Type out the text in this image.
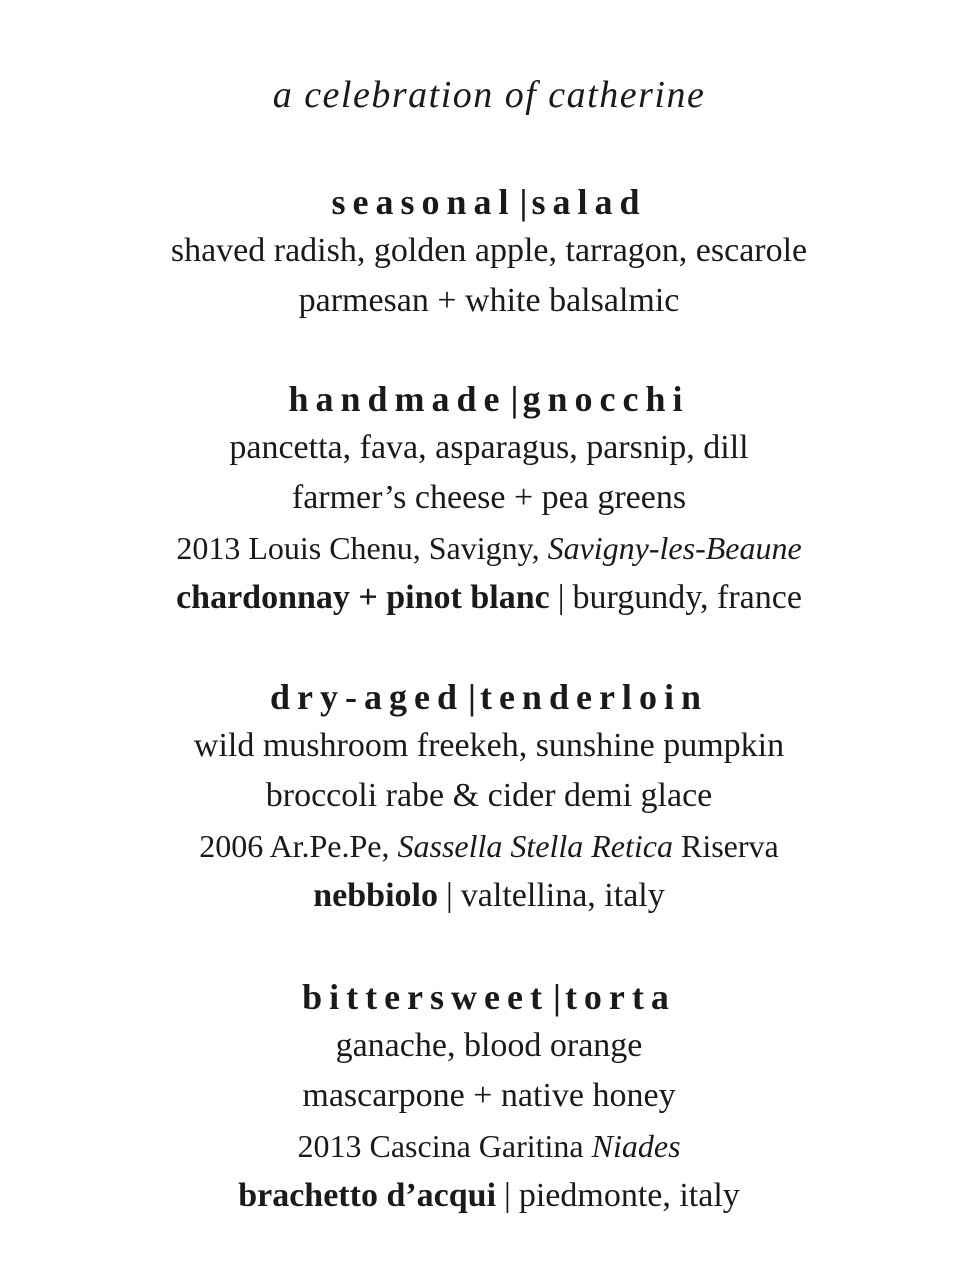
a celebration of catherine
seasonal | salad
shaved radish, golden apple, tarragon, escarole
parmesan + white balsalmic
handmade | gnocchi
pancetta, fava, asparagus, parsnip, dill
farmer’s cheese + pea greens
2013 Louis Chenu, Savigny, Savigny-les-Beaune
chardonnay + pinot blanc | burgundy, france
dry-aged | tenderloin
wild mushroom freekeh, sunshine pumpkin
broccoli rabe & cider demi glace
2006 Ar.Pe.Pe, Sassella Stella Retica Riserva
nebbiolo | valtellina, italy
bittersweet | torta
ganache, blood orange
mascarpone + native honey
2013 Cascina Garitina Niades
brachetto d’acqui | piedmonte, italy
